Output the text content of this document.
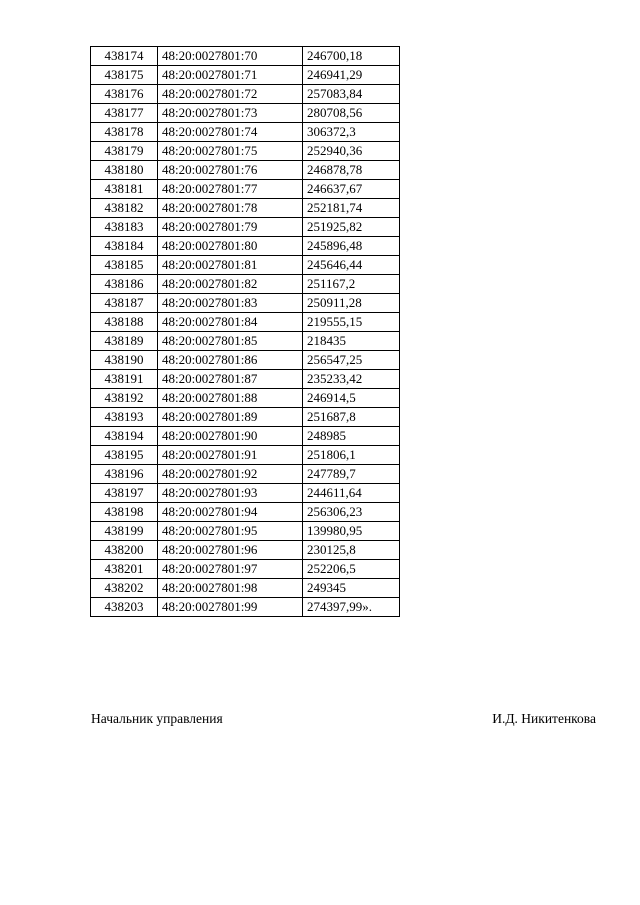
438174	48:20:0027801:70	246700,18
438175	48:20:0027801:71	246941,29
438176	48:20:0027801:72	257083,84
438177	48:20:0027801:73	280708,56
438178	48:20:0027801:74	306372,3
438179	48:20:0027801:75	252940,36
438180	48:20:0027801:76	246878,78
438181	48:20:0027801:77	246637,67
438182	48:20:0027801:78	252181,74
438183	48:20:0027801:79	251925,82
438184	48:20:0027801:80	245896,48
438185	48:20:0027801:81	245646,44
438186	48:20:0027801:82	251167,2
438187	48:20:0027801:83	250911,28
438188	48:20:0027801:84	219555,15
438189	48:20:0027801:85	218435
438190	48:20:0027801:86	256547,25
438191	48:20:0027801:87	235233,42
438192	48:20:0027801:88	246914,5
438193	48:20:0027801:89	251687,8
438194	48:20:0027801:90	248985
438195	48:20:0027801:91	251806,1
438196	48:20:0027801:92	247789,7
438197	48:20:0027801:93	244611,64
438198	48:20:0027801:94	256306,23
438199	48:20:0027801:95	139980,95
438200	48:20:0027801:96	230125,8
438201	48:20:0027801:97	252206,5
438202	48:20:0027801:98	249345
438203	48:20:0027801:99	274397,99».
Начальник управления	И.Д. Никитенкова
